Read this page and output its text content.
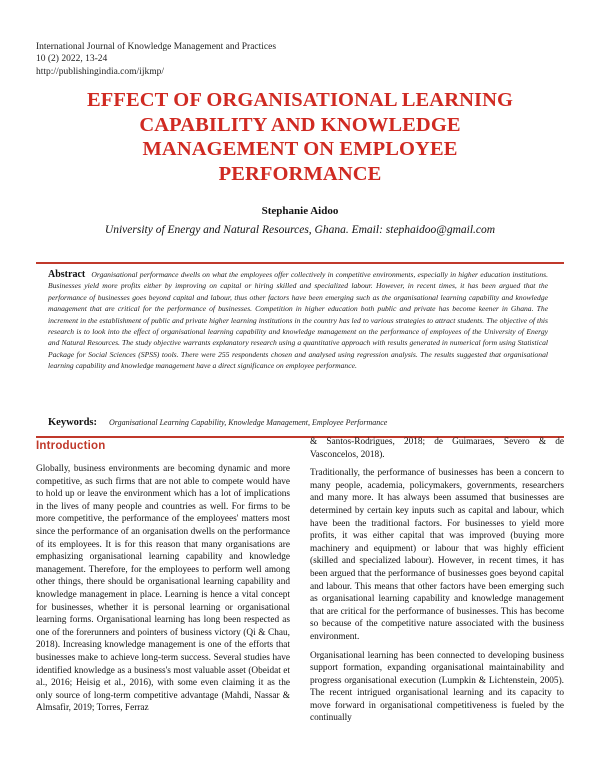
International Journal of Knowledge Management and Practices
10 (2) 2022, 13-24
http://publishingindia.com/ijkmp/
EFFECT OF ORGANISATIONAL LEARNING
CAPABILITY AND KNOWLEDGE
MANAGEMENT ON EMPLOYEE
PERFORMANCE
Stephanie Aidoo
University of Energy and Natural Resources, Ghana. Email: stephaidoo@gmail.com
Abstract Organisational performance dwells on what the employees offer collectively in competitive environments, especially in higher education institutions. Businesses yield more profits either by improving on capital or hiring skilled and specialized labour. However, in recent times, it has been argued that the performance of businesses goes beyond capital and labour, thus other factors have been emerging such as the organisational learning capability and knowledge management that are critical for the performance of businesses. Competition in higher education both public and private has become keener in Ghana. The increment in the establishment of public and private higher learning institutions in the country has led to various strategies to attract students. The objective of this research is to look into the effect of organisational learning capability and knowledge management on the performance of employees of the University of Energy and Natural Resources. The study objective warrants explanatory research using a quantitative approach with results generated in numerical form using Statistical Package for Social Sciences (SPSS) tools. There were 255 respondents chosen and analysed using regression analysis. The results suggested that organisational learning capability and knowledge management have a direct significance on employee performance.
Keywords: Organisational Learning Capability, Knowledge Management, Employee Performance
Introduction

Globally, business environments are becoming dynamic and more competitive, as such firms that are not able to compete would have to hold up or leave the environment which has a lot of implications in the lives of many people and countries as well. For firms to be more competitive, the performance of the employees' matters most since the performance of an organisation dwells on the performance of its employees. It is for this reason that many organisations are emphasizing organisational learning capability and knowledge management. Therefore, for the employees to perform well among other things, there should be organisational learning capability and knowledge management in place. Learning is hence a vital concept for businesses, whether it is personal learning or organisational learning forms. Organisational learning has long been respected as one of the forerunners and pointers of business victory (Qi & Chau, 2018). Increasing knowledge management is one of the efforts that businesses make to achieve long-term success. Several studies have identified knowledge as a business's most valuable asset (Obeidat et al., 2016; Heisig et al., 2016), with some even claiming it as the only source of long-term competitive advantage (Mahdi, Nassar & Almsafir, 2019; Torres, Ferraz

& Santos-Rodrigues, 2018; de Guimaraes, Severo & de Vasconcelos, 2018).

Traditionally, the performance of businesses has been a concern to many people, academia, policymakers, governments, researchers and many more. It has always been assumed that businesses are determined by certain key inputs such as capital and labour, which have been the traditional factors. For businesses to yield more profits, it was either capital that was improved (buying more machinery and equipment) or labour that was highly efficient (skilled and specialized labour). However, in recent times, it has been argued that the performance of businesses goes beyond capital and labour. This means that other factors have been emerging such as organisational learning capability and knowledge management that are critical for the performance of businesses. This has become so because of the competitive nature associated with the business environment.

Organisational learning has been connected to developing business support formation, expanding organisational maintainability and progress organisational execution (Lumpkin & Lichtenstein, 2005). The recent intrigued organisational learning and its capacity to move forward in organisational competitiveness is fueled by the continually
